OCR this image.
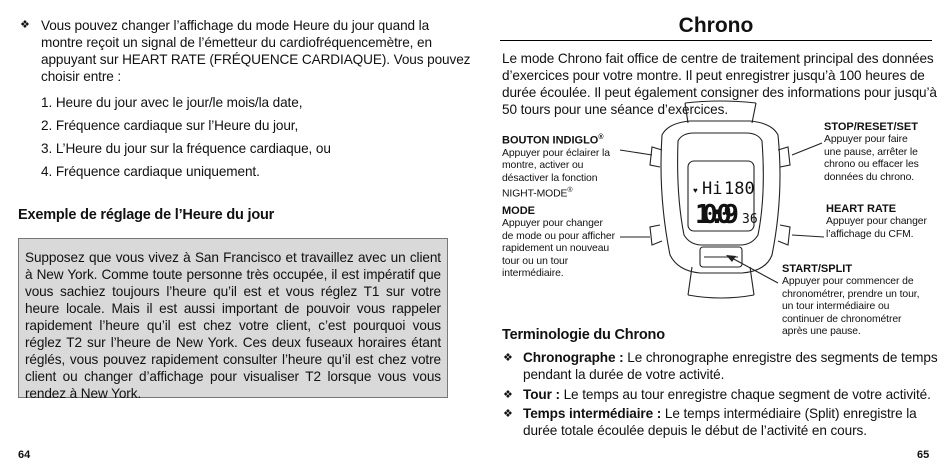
❖ Vous pouvez changer l’affichage du mode Heure du jour quand la
montre reçoit un signal de l’émetteur du cardiofréquencemètre, en
appuyant sur HEART RATE (FRÉQUENCE CARDIAQUE). Vous pouvez
choisir entre :
1. Heure du jour avec le jour/le mois/la date,
2. Fréquence cardiaque sur l’Heure du jour,
3. L’Heure du jour sur la fréquence cardiaque, ou
4. Fréquence cardiaque uniquement.
Exemple de réglage de l’Heure du jour

Supposez que vous vivez à San Francisco et travaillez avec un client à New York. Comme toute personne très occupée, il est impératif que vous sachiez toujours l’heure qu’il est et vous réglez T1 sur votre heure locale. Mais il est aussi important de pouvoir vous rappeler rapidement l’heure qu’il est chez votre client, c’est pourquoi vous réglez T2 sur l’heure de New York. Ces deux fuseaux horaires étant réglés, vous pouvez rapidement consulter l’heure qu’il est chez votre client ou changer d’affichage pour visualiser T2 lorsque vous vous rendez à New York.

64
Chrono
Le mode Chrono fait office de centre de traitement principal des données
d’exercices pour votre montre. Il peut enregistrer jusqu’à 100 heures de
durée écoulée. Il peut également consigner des informations pour jusqu’à
50 tours pour une séance d’exercices.
BOUTON INDIGLO®
Appuyer pour éclairer la
montre, activer ou
désactiver la fonction
NIGHT-MODE®
MODE
Appuyer pour changer
de mode ou pour afficher
rapidement un nouveau
tour ou un tour
intermédiaire.
STOP/RESET/SET
Appuyer pour faire
une pause, arrêter le
chrono ou effacer les
données du chrono.
HEART RATE
Appuyer pour changer
l’affichage du CFM.
START/SPLIT
Appuyer pour commencer de
chronométrer, prendre un tour,
un tour intermédiaire ou
continuer de chronométrer
après une pause.
♥ Hi 180
10:09 36
Terminologie du Chrono
❖ Chronographe : Le chronographe enregistre des segments de temps
pendant la durée de votre activité.
❖ Tour : Le temps au tour enregistre chaque segment de votre activité.
❖ Temps intermédiaire : Le temps intermédiaire (Split) enregistre la
durée totale écoulée depuis le début de l’activité en cours.
65
